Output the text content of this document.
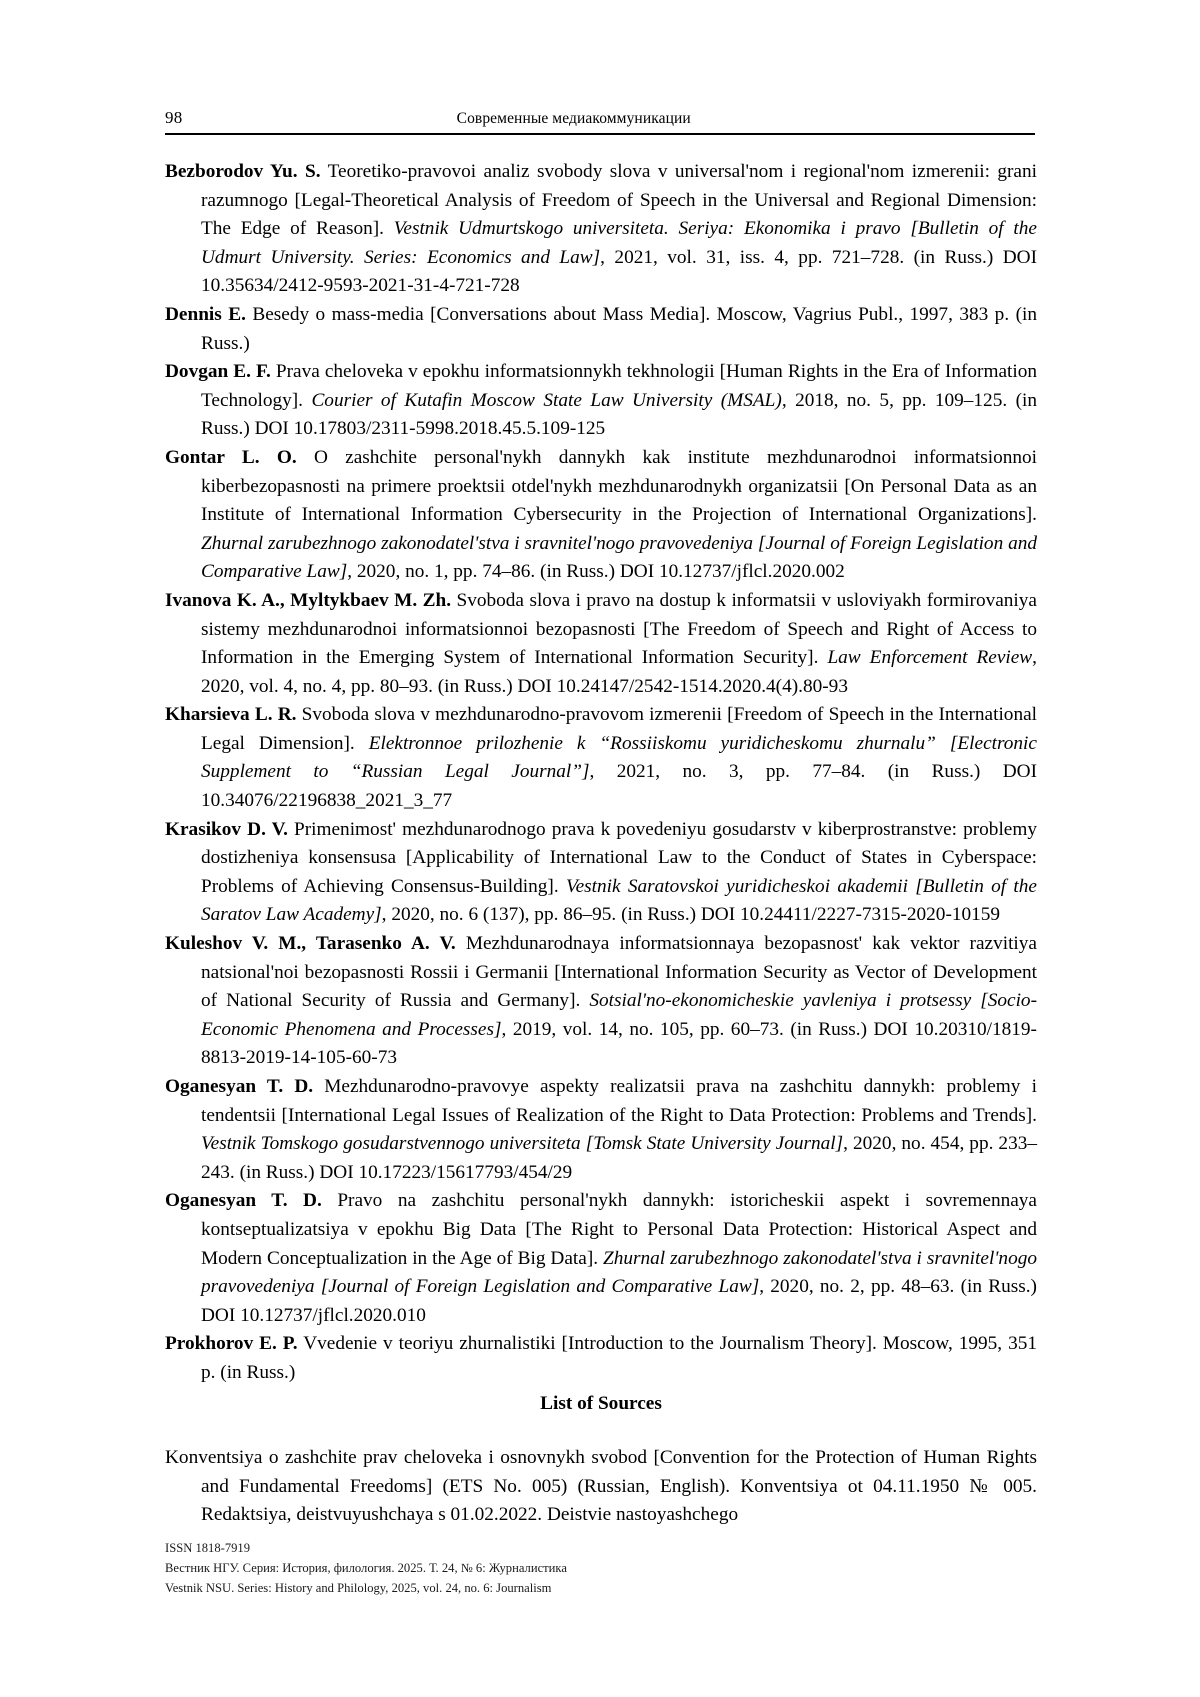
98	Современные медиакоммуникации

Bezborodov Yu. S. Teoretiko-pravovoi analiz svobody slova v universal'nom i regional'nom izmerenii: grani razumnogo [Legal-Theoretical Analysis of Freedom of Speech in the Universal and Regional Dimension: The Edge of Reason]. Vestnik Udmurtskogo universiteta. Seriya: Ekonomika i pravo [Bulletin of the Udmurt University. Series: Economics and Law], 2021, vol. 31, iss. 4, pp. 721–728. (in Russ.) DOI 10.35634/2412-9593-2021-31-4-721-728

Dennis E. Besedy o mass-media [Conversations about Mass Media]. Moscow, Vagrius Publ., 1997, 383 p. (in Russ.)

Dovgan E. F. Prava cheloveka v epokhu informatsionnykh tekhnologii [Human Rights in the Era of Information Technology]. Courier of Kutafin Moscow State Law University (MSAL), 2018, no. 5, pp. 109–125. (in Russ.) DOI 10.17803/2311-5998.2018.45.5.109-125

Gontar L. O. O zashchite personal'nykh dannykh kak institute mezhdunarodnoi informatsionnoi kiberbezopasnosti na primere proektsii otdel'nykh mezhdunarodnykh organizatsii [On Personal Data as an Institute of International Information Cybersecurity in the Projection of International Organizations]. Zhurnal zarubezhnogo zakonodatel'stva i sravnitel'nogo pravovedeniya [Journal of Foreign Legislation and Comparative Law], 2020, no. 1, pp. 74–86. (in Russ.) DOI 10.12737/jflcl.2020.002

Ivanova K. A., Myltykbaev M. Zh. Svoboda slova i pravo na dostup k informatsii v usloviyakh formirovaniya sistemy mezhdunarodnoi informatsionnoi bezopasnosti [The Freedom of Speech and Right of Access to Information in the Emerging System of International Information Security]. Law Enforcement Review, 2020, vol. 4, no. 4, pp. 80–93. (in Russ.) DOI 10.24147/2542-1514.2020.4(4).80-93

Kharsieva L. R. Svoboda slova v mezhdunarodno-pravovom izmerenii [Freedom of Speech in the International Legal Dimension]. Elektronnoe prilozhenie k “Rossiiskomu yuridicheskomu zhurnalu” [Electronic Supplement to “Russian Legal Journal”], 2021, no. 3, pp. 77–84. (in Russ.) DOI 10.34076/22196838_2021_3_77

Krasikov D. V. Primenimost' mezhdunarodnogo prava k povedeniyu gosudarstv v kiberprostranstve: problemy dostizheniya konsensusa [Applicability of International Law to the Conduct of States in Cyberspace: Problems of Achieving Consensus-Building]. Vestnik Saratovskoi yuridicheskoi akademii [Bulletin of the Saratov Law Academy], 2020, no. 6 (137), pp. 86–95. (in Russ.) DOI 10.24411/2227-7315-2020-10159

Kuleshov V. M., Tarasenko A. V. Mezhdunarodnaya informatsionnaya bezopasnost' kak vektor razvitiya natsional'noi bezopasnosti Rossii i Germanii [International Information Security as Vector of Development of National Security of Russia and Germany]. Sotsial'no-ekonomicheskie yavleniya i protsessy [Socio-Economic Phenomena and Processes], 2019, vol. 14, no. 105, pp. 60–73. (in Russ.) DOI 10.20310/1819-8813-2019-14-105-60-73

Oganesyan T. D. Mezhdunarodno-pravovye aspekty realizatsii prava na zashchitu dannykh: problemy i tendentsii [International Legal Issues of Realization of the Right to Data Protection: Problems and Trends]. Vestnik Tomskogo gosudarstvennogo universiteta [Tomsk State University Journal], 2020, no. 454, pp. 233–243. (in Russ.) DOI 10.17223/15617793/454/29

Oganesyan T. D. Pravo na zashchitu personal'nykh dannykh: istoricheskii aspekt i sovremennaya kontseptualizatsiya v epokhu Big Data [The Right to Personal Data Protection: Historical Aspect and Modern Conceptualization in the Age of Big Data]. Zhurnal zarubezhnogo zakonodatel'stva i sravnitel'nogo pravovedeniya [Journal of Foreign Legislation and Comparative Law], 2020, no. 2, pp. 48–63. (in Russ.) DOI 10.12737/jflcl.2020.010

Prokhorov E. P. Vvedenie v teoriyu zhurnalistiki [Introduction to the Journalism Theory]. Moscow, 1995, 351 p. (in Russ.)

List of Sources

Konventsiya o zashchite prav cheloveka i osnovnykh svobod [Convention for the Protection of Human Rights and Fundamental Freedoms] (ETS No. 005) (Russian, English). Konventsiya ot 04.11.1950 № 005. Redaktsiya, deistvuyushchaya s 01.02.2022. Deistvie nastoyashchego

ISSN 1818-7919
Вестник НГУ. Серия: История, филология. 2025. Т. 24, № 6: Журналистика
Vestnik NSU. Series: History and Philology, 2025, vol. 24, no. 6: Journalism
